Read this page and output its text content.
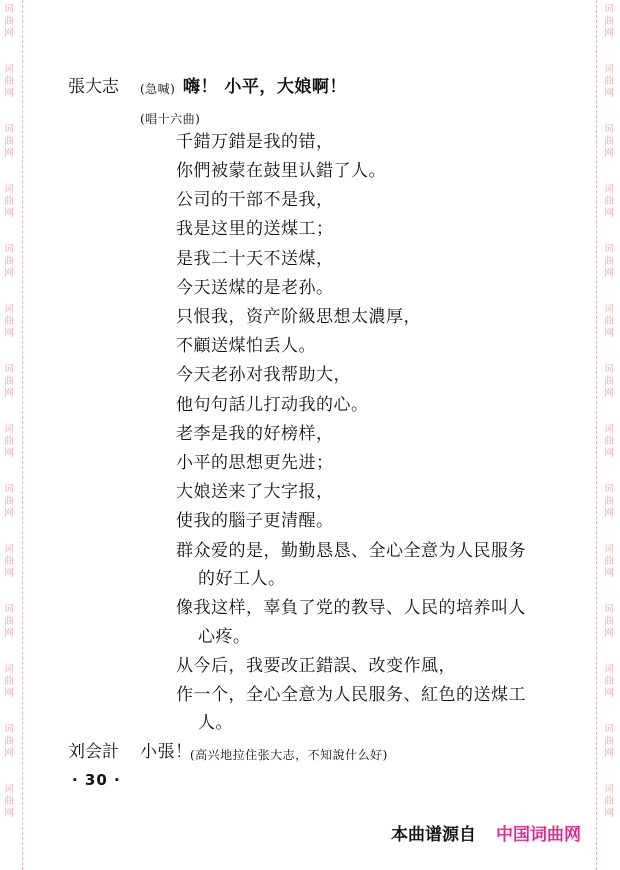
词
曲
网
词
曲
网
词
曲
网
词
曲
网
词
曲
网
词
曲
网
词
曲
网
词
曲
网
词
曲
网
词
曲
网
词
曲
网
词
曲
网
词
曲
网
词
曲
网
词
曲
网
词
曲
网
词
曲
网
词
曲
网
词
曲
网
词
曲
网
词
曲
网
词
曲
网
词
曲
网
词
曲
网
词
曲
网
词
曲
网
词
曲
网
词
曲
网
張大志 (急喊) 嗨！ 小平，大娘啊！
(唱十六曲)
千錯万錯是我的错，
你們被蒙在鼓里认錯了人。
公司的干部不是我，
我是这里的送煤工；
是我二十天不送煤，
今天送煤的是老孙。
只恨我，资产阶級思想太濃厚，
不顧送煤怕丢人。
今天老孙对我帮助大，
他句句話儿打动我的心。
老李是我的好榜样，
小平的思想更先进；
大娘送来了大字报，
使我的腦子更清醒。
群众爱的是，勤勤恳恳、全心全意为人民服务
的好工人。
像我这样，辜負了党的教导、人民的培养叫人
心疼。
从今后，我要改正錯誤、改变作風，
作一个，全心全意为人民服务、紅色的送煤工
人。
刘会計 小張！
(高兴地拉住张大志，不知說什么好)
· 30 ·
本曲谱源自 中国词曲网
